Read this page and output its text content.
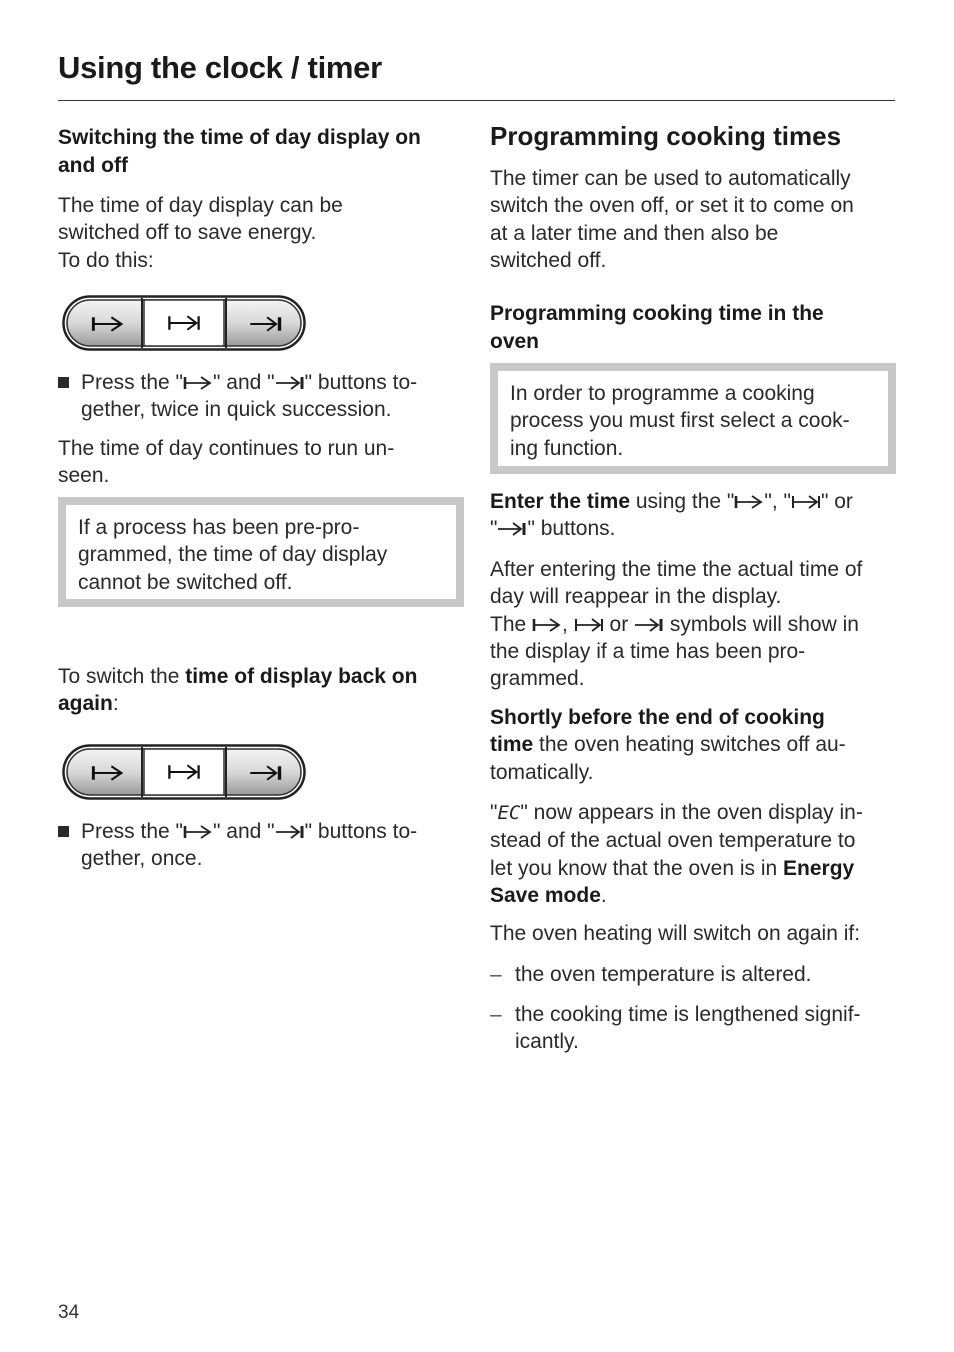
Using the clock / timer

Switching the time of day display on and off

The time of day display can be
switched off to save energy.
To do this:
Press the " " and " " buttons to-
gether, twice in quick succession.
The time of day continues to run un-
seen.
If a process has been pre-pro-
grammed, the time of day display
cannot be switched off.
To switch the time of display back on
again:
Press the " " and " " buttons to-
gether, once.

Programming cooking times

The timer can be used to automatically
switch the oven off, or set it to come on
at a later time and then also be
switched off.
Programming cooking time in the
oven
In order to programme a cooking
process you must first select a cook-
ing function.
Enter the time using the " ", " " or
" " buttons.
After entering the time the actual time of
day will reappear in the display.
The ,  or  symbols will show in
the display if a time has been pro-
grammed.
Shortly before the end of cooking
time the oven heating switches off au-
tomatically.
"EC" now appears in the oven display in-
stead of the actual oven temperature to
let you know that the oven is in Energy
Save mode.
The oven heating will switch on again if:
– the oven temperature is altered.
– the cooking time is lengthened signif-
icantly.
34
